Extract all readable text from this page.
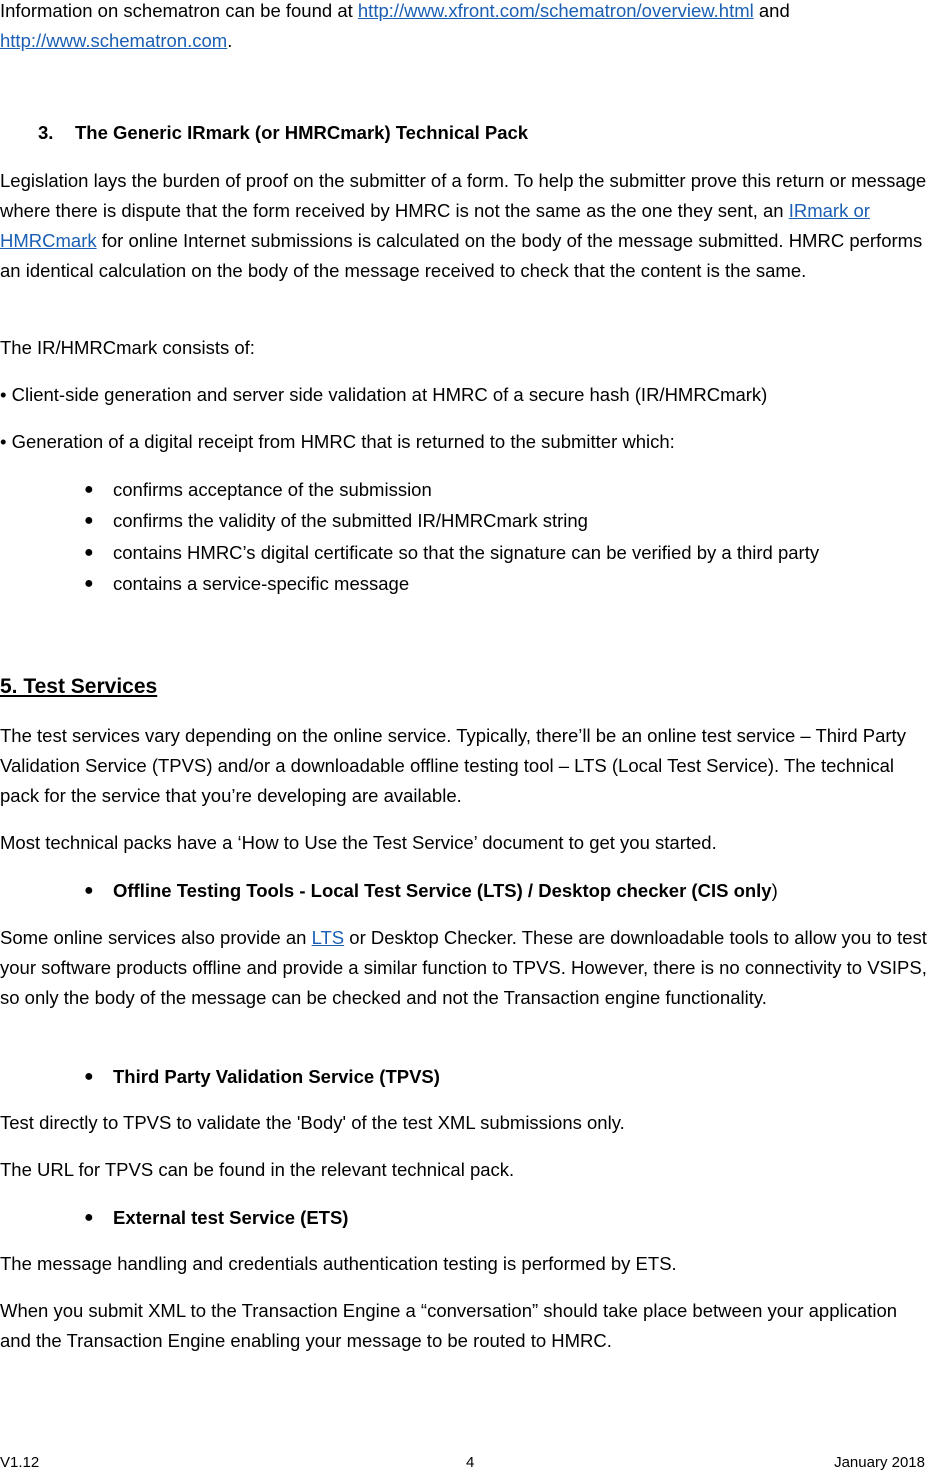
Information on schematron can be found at http://www.xfront.com/schematron/overview.html and
http://www.schematron.com.

3. The Generic IRmark (or HMRCmark) Technical Pack

Legislation lays the burden of proof on the submitter of a form. To help the submitter prove this return or message where there is dispute that the form received by HMRC is not the same as the one they sent, an IRmark or HMRCmark for online Internet submissions is calculated on the body of the message submitted. HMRC performs an identical calculation on the body of the message received to check that the content is the same.

The IR/HMRCmark consists of:

• Client-side generation and server side validation at HMRC of a secure hash (IR/HMRCmark)

• Generation of a digital receipt from HMRC that is returned to the submitter which:

● confirms acceptance of the submission
● confirms the validity of the submitted IR/HMRCmark string
● contains HMRC’s digital certificate so that the signature can be verified by a third party
● contains a service-specific message

5. Test Services

The test services vary depending on the online service. Typically, there’ll be an online test service – Third Party Validation Service (TPVS) and/or a downloadable offline testing tool – LTS (Local Test Service). The technical pack for the service that you’re developing are available.

Most technical packs have a ‘How to Use the Test Service’ document to get you started.

● Offline Testing Tools - Local Test Service (LTS) / Desktop checker (CIS only)

Some online services also provide an LTS or Desktop Checker. These are downloadable tools to allow you to test your software products offline and provide a similar function to TPVS. However, there is no connectivity to VSIPS, so only the body of the message can be checked and not the Transaction engine functionality.

● Third Party Validation Service (TPVS)

Test directly to TPVS to validate the 'Body' of the test XML submissions only.

The URL for TPVS can be found in the relevant technical pack.

● External test Service (ETS)

The message handling and credentials authentication testing is performed by ETS.

When you submit XML to the Transaction Engine a “conversation” should take place between your application and the Transaction Engine enabling your message to be routed to HMRC.

V1.12	4	January 2018
